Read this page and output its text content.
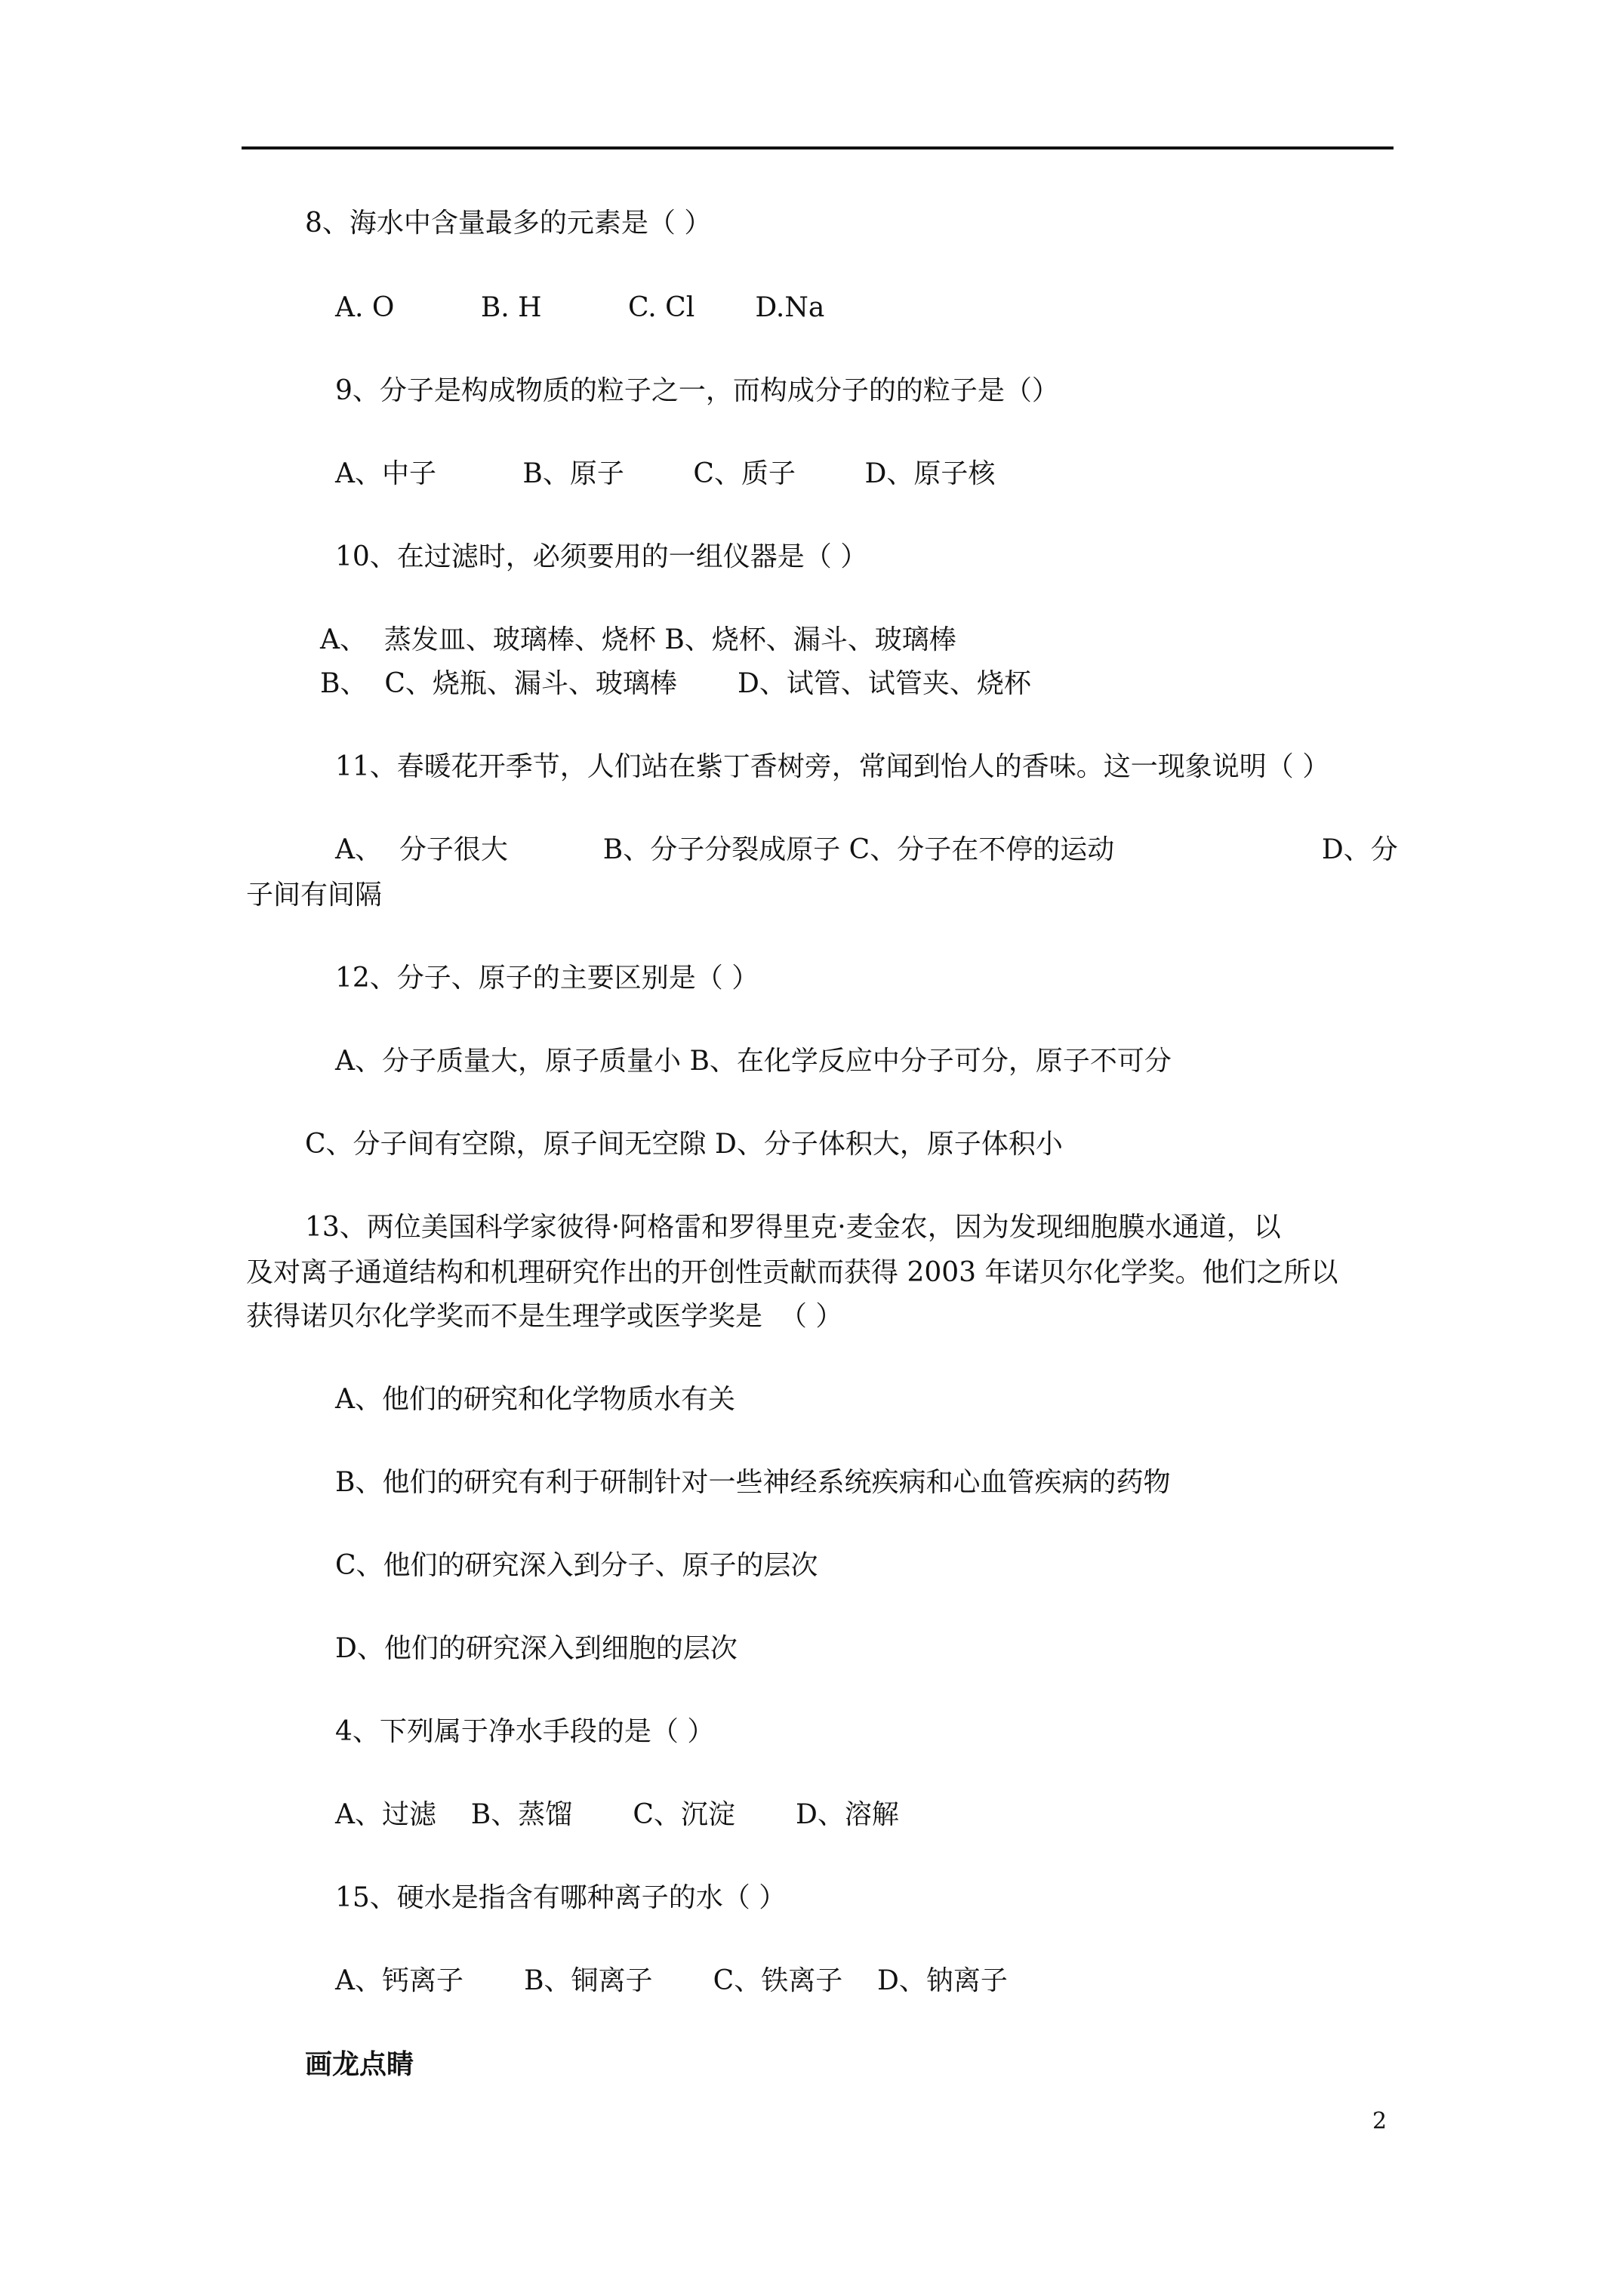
8、海水中含量最多的元素是（ ）
A. O          B. H          C. Cl       D.Na
9、分子是构成物质的粒子之一，而构成分子的的粒子是（）
A、中子          B、原子        C、质子        D、原子核
10、在过滤时，必须要用的一组仪器是（ ）
A、  蒸发皿、玻璃棒、烧杯 B、烧杯、漏斗、玻璃棒
B、  C、烧瓶、漏斗、玻璃棒       D、试管、试管夹、烧杯
11、春暖花开季节，人们站在紫丁香树旁，常闻到怡人的香味。这一现象说明（ ）
A、  分子很大           B、分子分裂成原子 C、分子在不停的运动                        D、分
子间有间隔
12、分子、原子的主要区别是（ ）
A、分子质量大，原子质量小 B、在化学反应中分子可分，原子不可分
C、分子间有空隙，原子间无空隙 D、分子体积大，原子体积小
13、两位美国科学家彼得·阿格雷和罗得里克·麦金农，因为发现细胞膜水通道，以
及对离子通道结构和机理研究作出的开创性贡献而获得 2003 年诺贝尔化学奖。他们之所以
获得诺贝尔化学奖而不是生理学或医学奖是  （ ）
A、他们的研究和化学物质水有关
B、他们的研究有利于研制针对一些神经系统疾病和心血管疾病的药物
C、他们的研究深入到分子、原子的层次
D、他们的研究深入到细胞的层次
4、下列属于净水手段的是（ ）
A、过滤    B、蒸馏       C、沉淀       D、溶解
15、硬水是指含有哪种离子的水（ ）
A、钙离子       B、铜离子       C、铁离子    D、钠离子
画龙点睛
2
